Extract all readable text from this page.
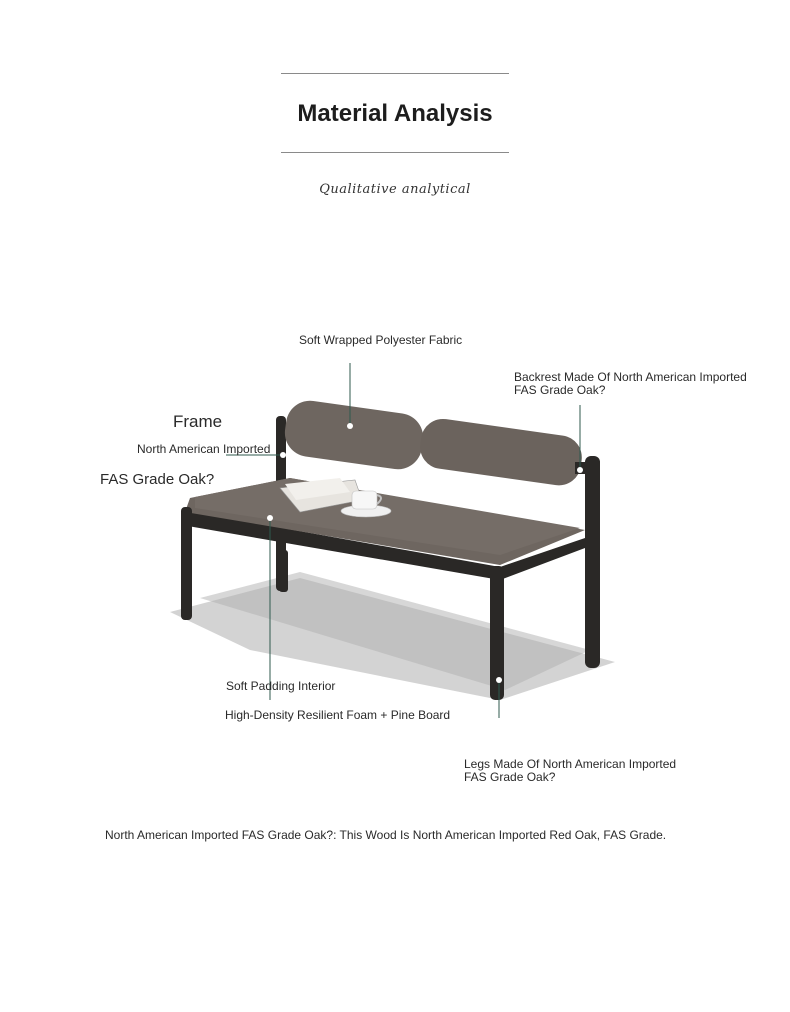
Material Analysis
Qualitative analytical
Soft Wrapped Polyester Fabric
Backrest Made Of North American Imported
FAS Grade Oak?
Frame
North American Imported
FAS Grade Oak?
Soft Padding Interior
High-Density Resilient Foam + Pine Board
Legs Made Of North American Imported
FAS Grade Oak?
North American Imported FAS Grade Oak?: This Wood Is North American Imported Red Oak, FAS Grade.
